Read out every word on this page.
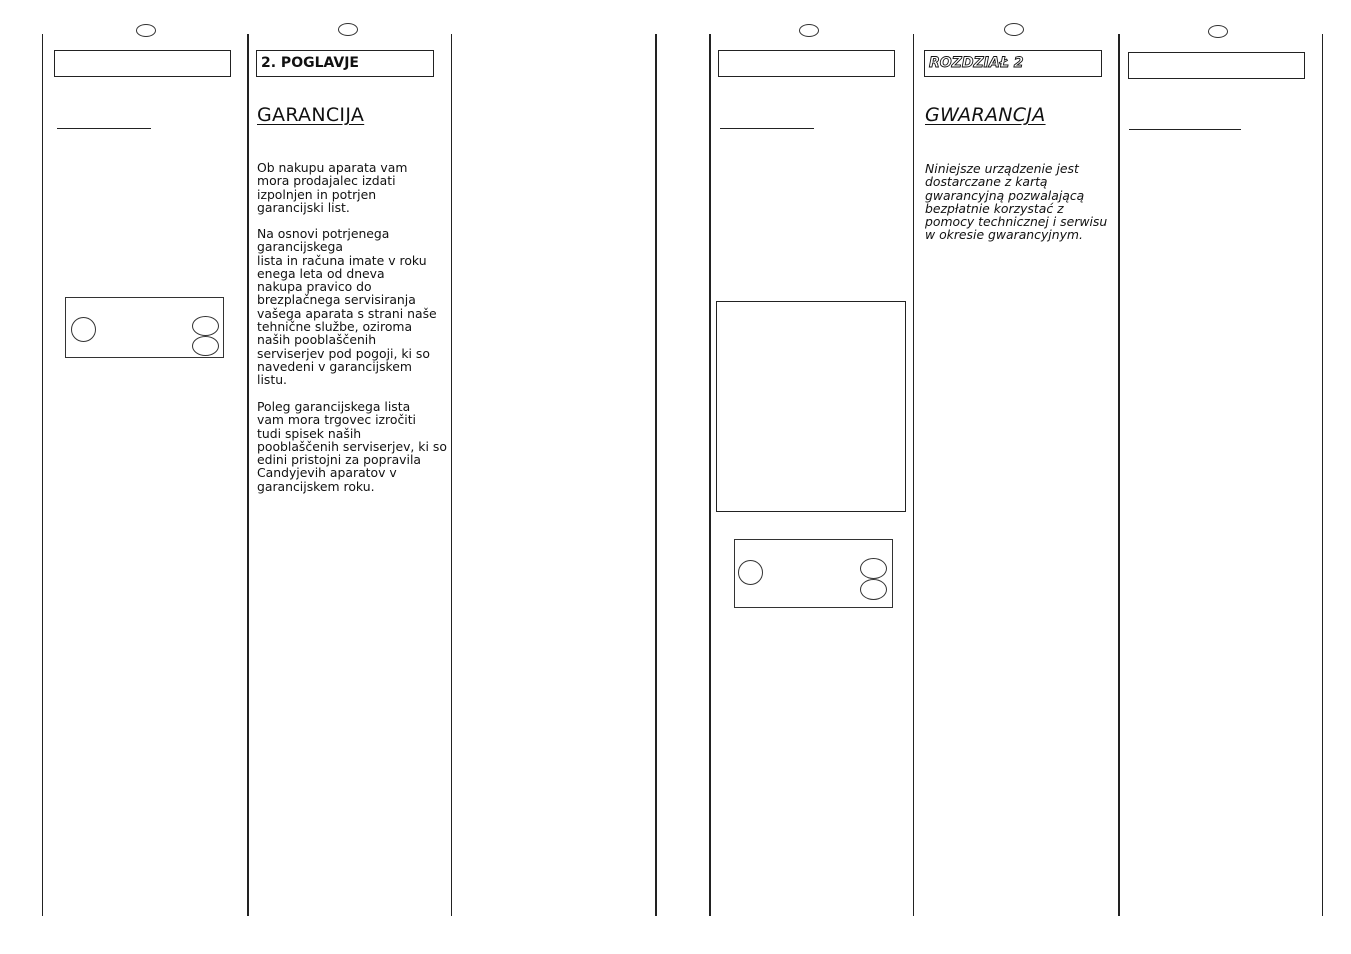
2. POGLAVJE
GARANCIJA
Ob nakupu aparata vam
mora prodajalec izdati
izpolnjen in potrjen
garancijski list.
Na osnovi potrjenega
garancijskega
lista in računa imate v roku
enega leta od dneva
nakupa pravico do
brezplačnega servisiranja
vašega aparata s strani naše
tehnične službe, oziroma
naših pooblaščenih
serviserjev pod pogoji, ki so
navedeni v garancijskem
listu.
Poleg garancijskega lista
vam mora trgovec izročiti
tudi spisek naših
pooblaščenih serviserjev, ki so
edini pristojni za popravila
Candyjevih aparatov v
garancijskem roku.
ROZDZIAŁ 2
GWARANCJA
Niniejsze urządzenie jest
dostarczane z kartą
gwarancyjną pozwalającą
bezpłatnie korzystać z
pomocy technicznej i serwisu
w okresie gwarancyjnym.
